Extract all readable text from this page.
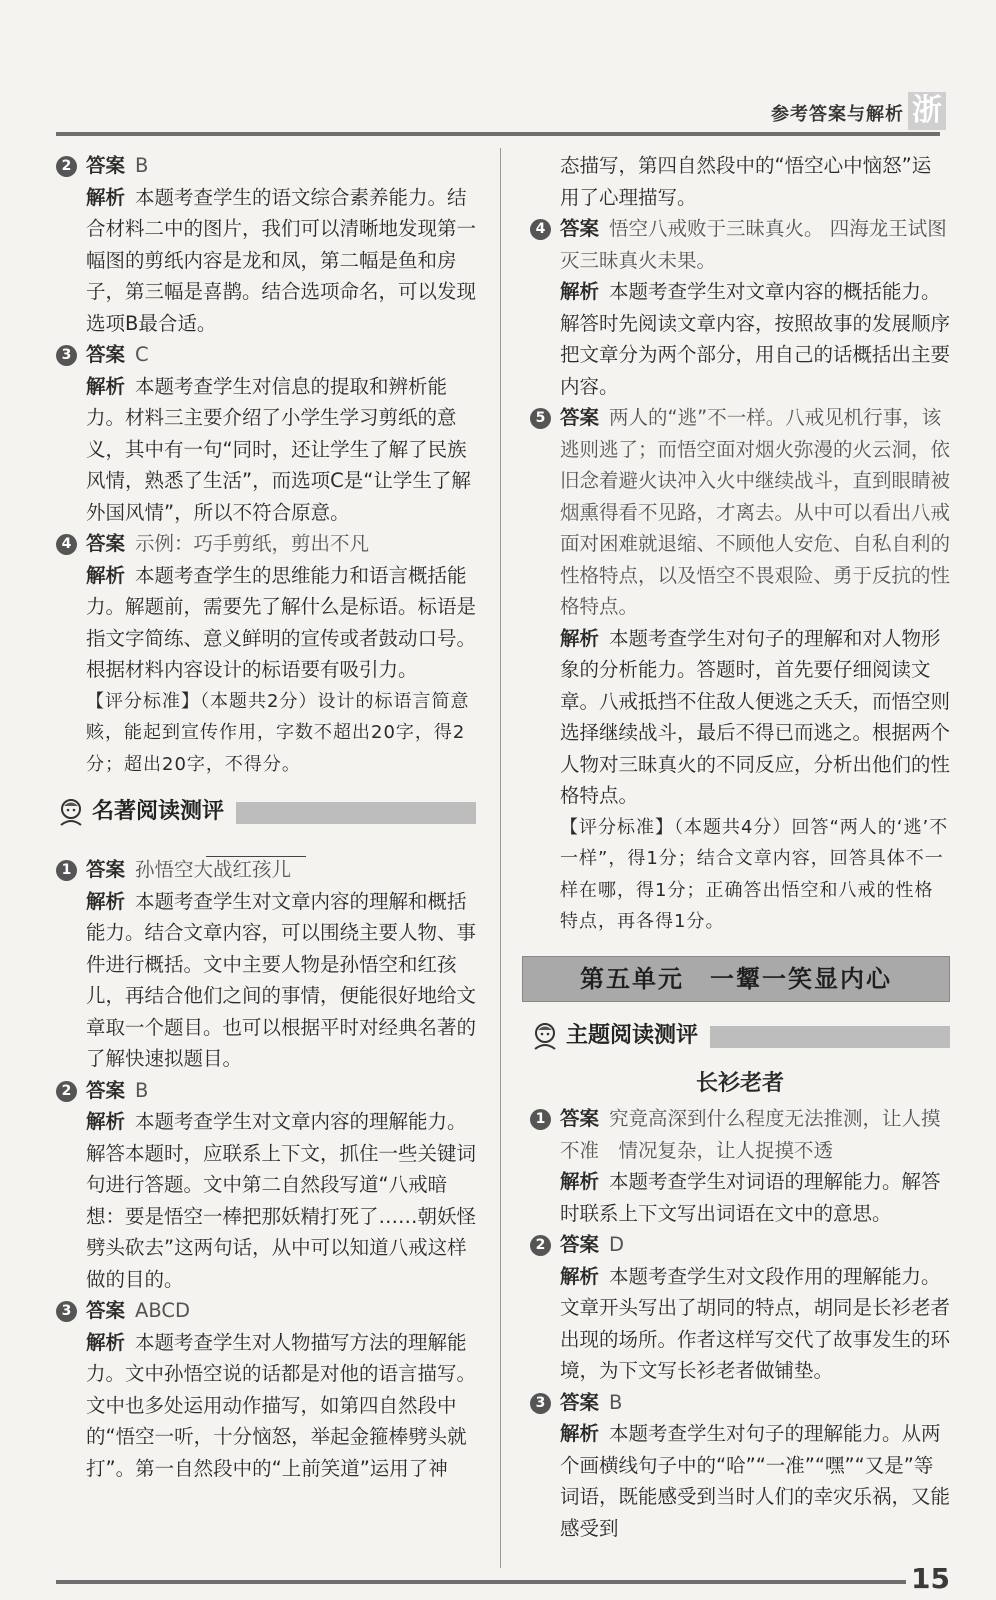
参考答案与解析 浙
2 答案 B
解析 本题考查学生的语文综合素养能力。结合材料二中的图片，我们可以清晰地发现第一幅图的剪纸内容是龙和凤，第二幅是鱼和房子，第三幅是喜鹊。结合选项命名，可以发现选项B最合适。
3 答案 C
解析 本题考查学生对信息的提取和辨析能力。材料三主要介绍了小学生学习剪纸的意义，其中有一句“同时，还让学生了解了民族风情，熟悉了生活”，而选项C是“让学生了解外国风情”，所以不符合原意。
4 答案 示例：巧手剪纸，剪出不凡
解析 本题考查学生的思维能力和语言概括能力。解题前，需要先了解什么是标语。标语是指文字简练、意义鲜明的宣传或者鼓动口号。根据材料内容设计的标语要有吸引力。
【评分标准】（本题共2分）设计的标语言简意赅，能起到宣传作用，字数不超出20字，得2分；超出20字，不得分。
名著阅读测评
1 答案 孙悟空大战红孩儿
解析 本题考查学生对文章内容的理解和概括能力。结合文章内容，可以围绕主要人物、事件进行概括。文中主要人物是孙悟空和红孩儿，再结合他们之间的事情，便能很好地给文章取一个题目。也可以根据平时对经典名著的了解快速拟题目。
2 答案 B
解析 本题考查学生对文章内容的理解能力。解答本题时，应联系上下文，抓住一些关键词句进行答题。文中第二自然段写道“八戒暗想：要是悟空一棒把那妖精打死了……朝妖怪劈头砍去”这两句话，从中可以知道八戒这样做的目的。
3 答案 ABCD
解析 本题考查学生对人物描写方法的理解能力。文中孙悟空说的话都是对他的语言描写。文中也多处运用动作描写，如第四自然段中的“悟空一听，十分恼怒，举起金箍棒劈头就打”。第一自然段中的“上前笑道”运用了神
态描写，第四自然段中的“悟空心中恼怒”运用了心理描写。
4 答案 悟空八戒败于三昧真火。 四海龙王试图灭三昧真火未果。
解析 本题考查学生对文章内容的概括能力。解答时先阅读文章内容，按照故事的发展顺序把文章分为两个部分，用自己的话概括出主要内容。
5 答案 两人的“逃”不一样。八戒见机行事，该逃则逃了；而悟空面对烟火弥漫的火云洞，依旧念着避火诀冲入火中继续战斗，直到眼睛被烟熏得看不见路，才离去。从中可以看出八戒面对困难就退缩、不顾他人安危、自私自利的性格特点，以及悟空不畏艰险、勇于反抗的性格特点。
解析 本题考查学生对句子的理解和对人物形象的分析能力。答题时，首先要仔细阅读文章。八戒抵挡不住敌人便逃之夭夭，而悟空则选择继续战斗，最后不得已而逃之。根据两个人物对三昧真火的不同反应，分析出他们的性格特点。
【评分标准】（本题共4分）回答“两人的‘逃’不一样”，得1分；结合文章内容，回答具体不一样在哪，得1分；正确答出悟空和八戒的性格特点，再各得1分。
第五单元　一颦一笑显内心
主题阅读测评
长衫老者
1 答案 究竟高深到什么程度无法推测，让人摸不准　情况复杂，让人捉摸不透
解析 本题考查学生对词语的理解能力。解答时联系上下文写出词语在文中的意思。
2 答案 D
解析 本题考查学生对文段作用的理解能力。文章开头写出了胡同的特点，胡同是长衫老者出现的场所。作者这样写交代了故事发生的环境，为下文写长衫老者做铺垫。
3 答案 B
解析 本题考查学生对句子的理解能力。从两个画横线句子中的“哈”“一准”“嘿”“又是”等词语，既能感受到当时人们的幸灾乐祸，又能感受到
15
